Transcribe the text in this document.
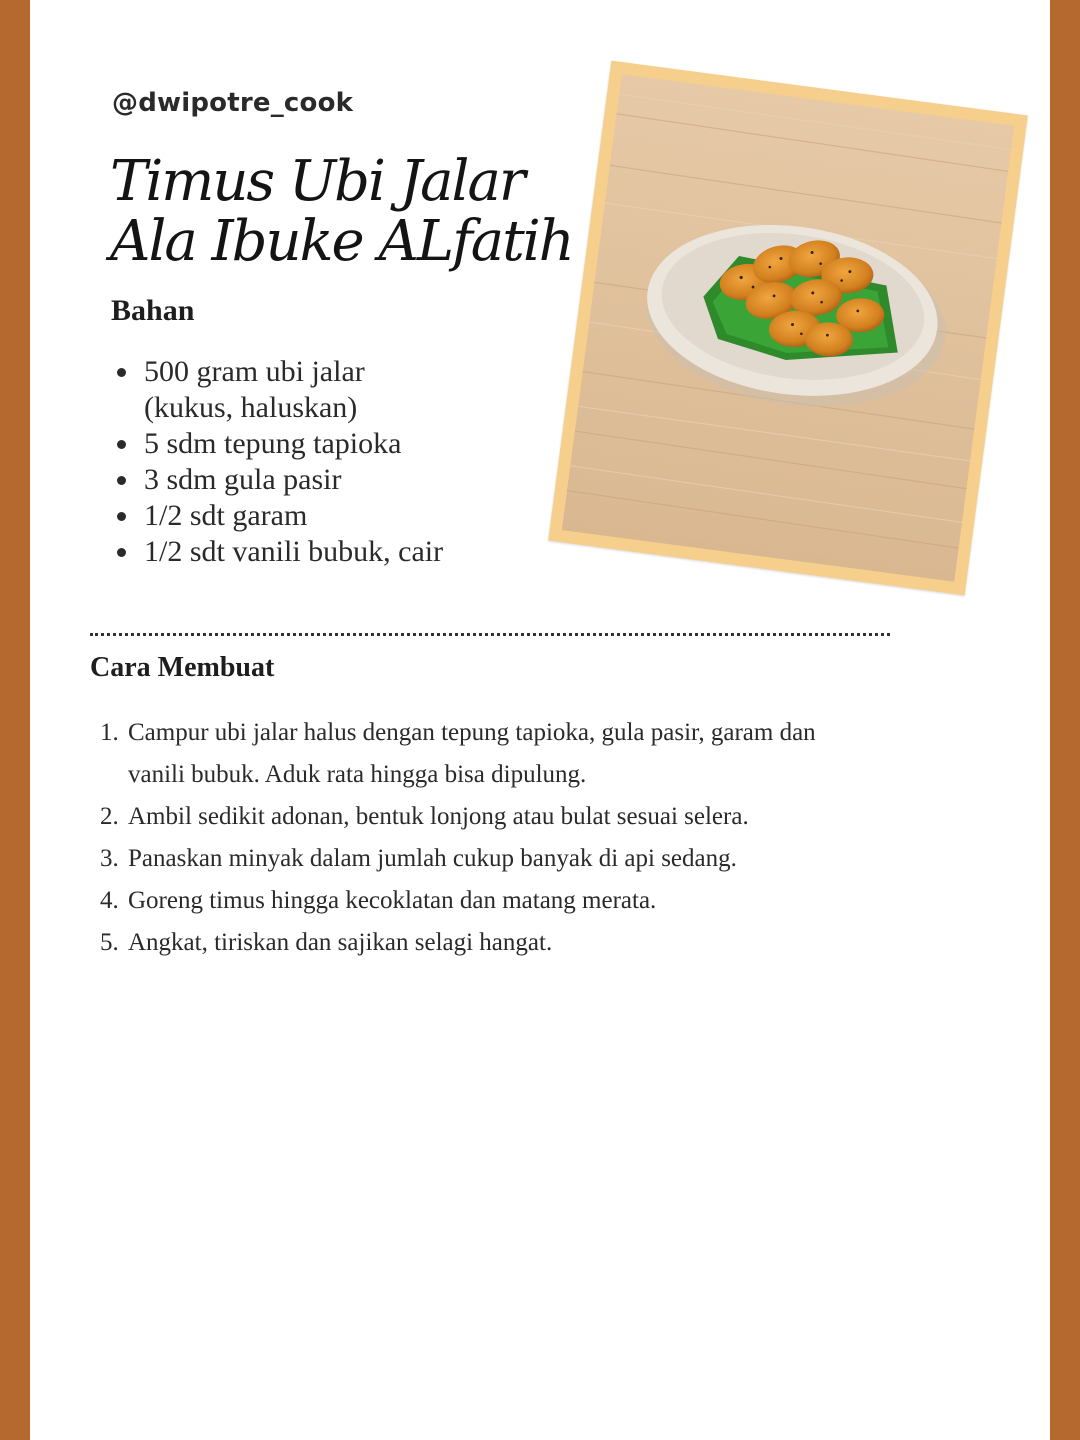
@dwipotre_cook
Timus Ubi Jalar
Ala Ibuke ALfatih
Bahan
500 gram ubi jalar (kukus, haluskan)
5 sdm tepung tapioka
3 sdm gula pasir
1/2 sdt garam
1/2 sdt vanili bubuk, cair
Cara Membuat
1. Campur ubi jalar halus dengan tepung tapioka, gula pasir, garam dan vanili bubuk. Aduk rata hingga bisa dipulung.
2. Ambil sedikit adonan, bentuk lonjong atau bulat sesuai selera.
3. Panaskan minyak dalam jumlah cukup banyak di api sedang.
4. Goreng timus hingga kecoklatan dan matang merata.
5. Angkat, tiriskan dan sajikan selagi hangat.
